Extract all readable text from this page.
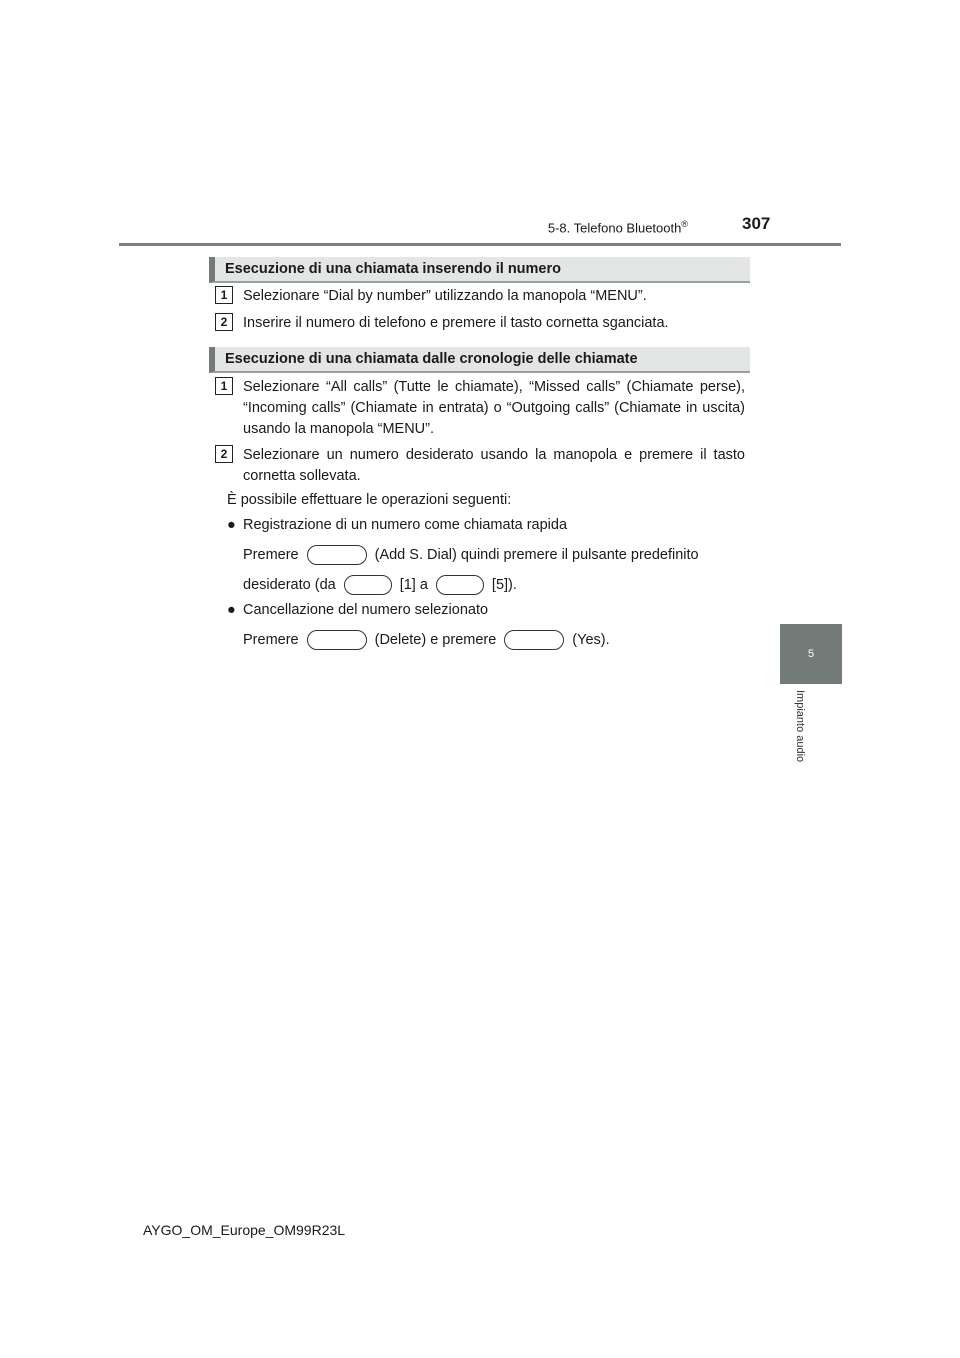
5-8. Telefono Bluetooth®	307
5
Impianto audio
Esecuzione di una chiamata inserendo il numero
1	Selezionare “Dial by number” utilizzando la manopola “MENU”.
2	Inserire il numero di telefono e premere il tasto cornetta sganciata.
Esecuzione di una chiamata dalle cronologie delle chiamate
1	Selezionare “All calls” (Tutte le chiamate), “Missed calls” (Chiamate perse), “Incoming calls” (Chiamate in entrata) o “Outgoing calls” (Chiamate in uscita) usando la manopola “MENU”.
2	Selezionare un numero desiderato usando la manopola e premere il tasto cornetta sollevata.
È possibile effettuare le operazioni seguenti:
● Registrazione di un numero come chiamata rapida
Premere	(Add S. Dial) quindi premere il pulsante predefinito
desiderato (da	[1] a	[5]).
● Cancellazione del numero selezionato
Premere	(Delete) e premere	(Yes).
AYGO_OM_Europe_OM99R23L
